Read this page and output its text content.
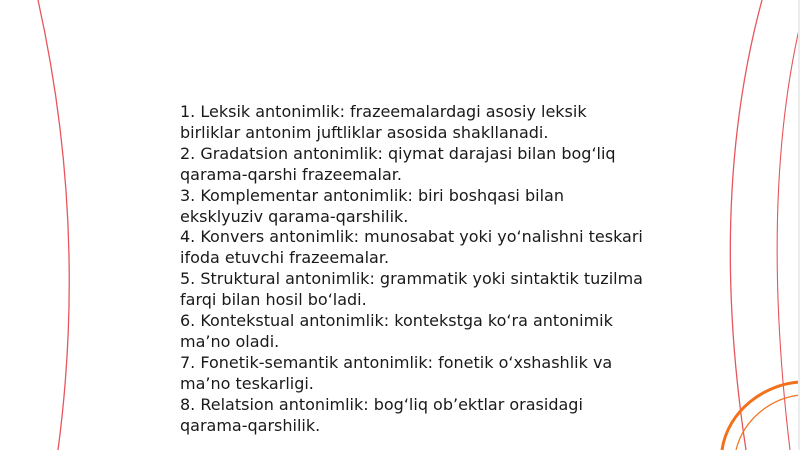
1. Leksik antonimlik: frazeemalardagi asosiy leksik birliklar antonim juftliklar asosida shakllanadi.

2. Gradatsion antonimlik: qiymat darajasi bilan bog‘liq qarama-qarshi frazeemalar.

3. Komplementar antonimlik: biri boshqasi bilan eksklyuziv qarama-qarshilik.

4. Konvers antonimlik: munosabat yoki yo‘nalishni teskari ifoda etuvchi frazeemalar.

5. Struktural antonimlik: grammatik yoki sintaktik tuzilma farqi bilan hosil bo‘ladi.

6. Kontekstual antonimlik: kontekstga ko‘ra antonimik ma’no oladi.

7. Fonetik-semantik antonimlik: fonetik o‘xshashlik va ma’no teskarligi.

8. Relatsion antonimlik: bog‘liq ob’ektlar orasidagi qarama-qarshilik.
